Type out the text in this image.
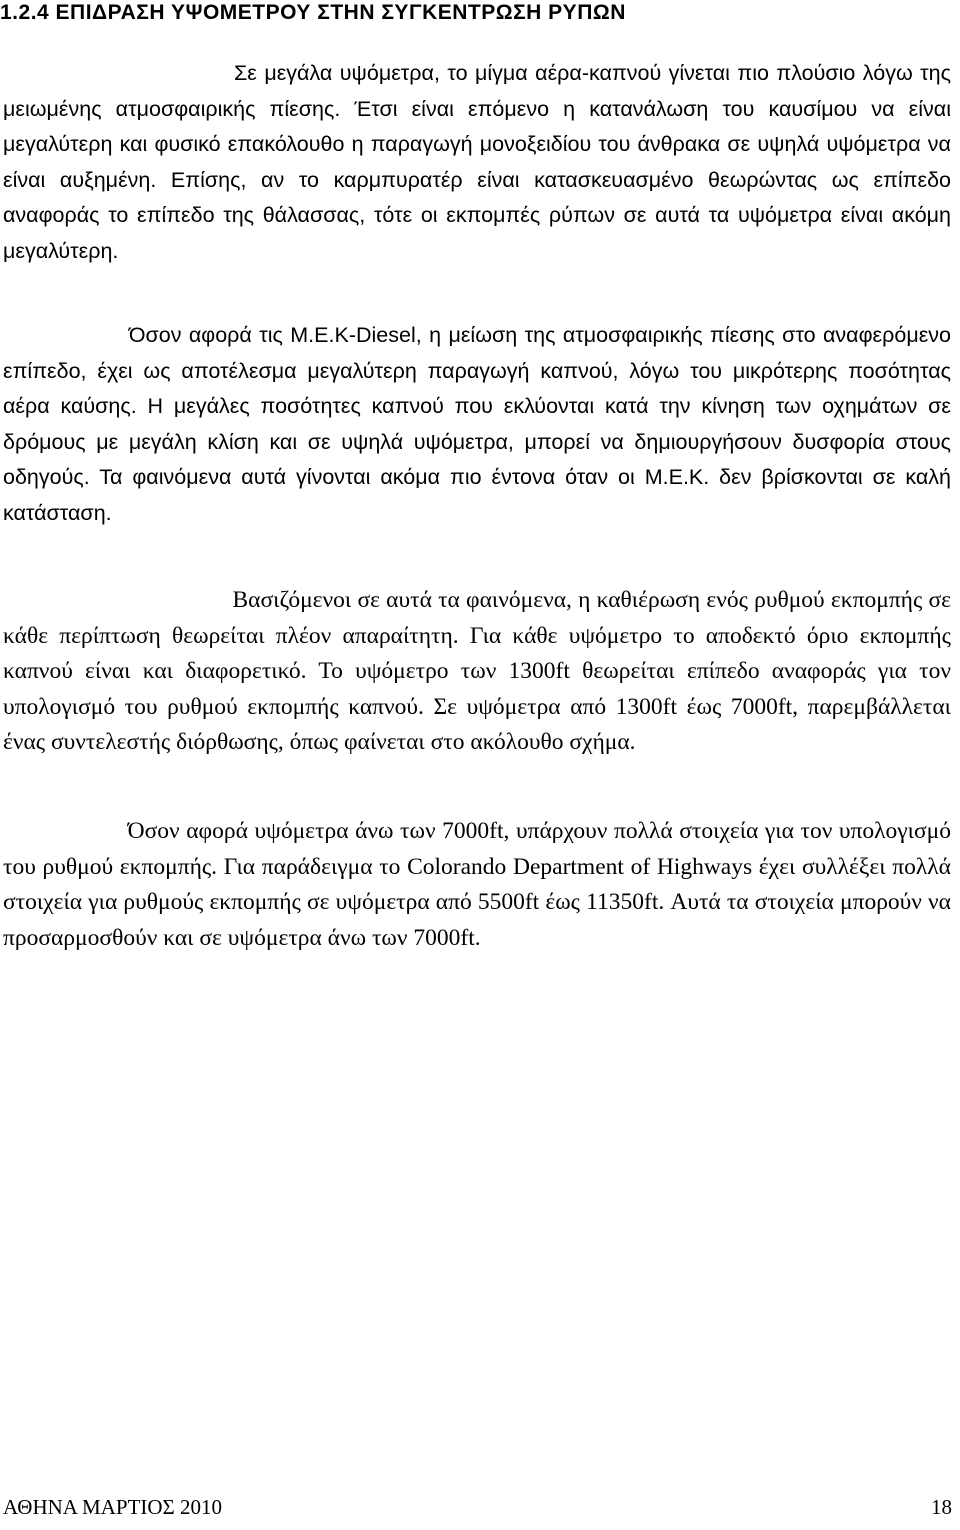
1.2.4 ΕΠΙΔΡΑΣΗ ΥΨΟΜΕΤΡΟΥ ΣΤΗΝ ΣΥΓΚΕΝΤΡΩΣΗ ΡΥΠΩΝ

Σε μεγάλα υψόμετρα, το μίγμα αέρα-καπνού γίνεται πιο πλούσιο λόγω της μειωμένης ατμοσφαιρικής πίεσης. Έτσι είναι επόμενο η κατανάλωση του καυσίμου να είναι μεγαλύτερη και φυσικό επακόλουθο η παραγωγή μονοξειδίου του άνθρακα σε υψηλά υψόμετρα να είναι αυξημένη. Επίσης, αν το καρμπυρατέρ είναι κατασκευασμένο θεωρώντας ως επίπεδο αναφοράς το επίπεδο της θάλασσας, τότε οι εκπομπές ρύπων σε αυτά τα υψόμετρα είναι ακόμη μεγαλύτερη.

Όσον αφορά τις Μ.Ε.Κ-Diesel, η μείωση της ατμοσφαιρικής πίεσης στο αναφερόμενο επίπεδο, έχει ως αποτέλεσμα μεγαλύτερη παραγωγή καπνού, λόγω του μικρότερης ποσότητας αέρα καύσης. Η μεγάλες ποσότητες καπνού που εκλύονται κατά την κίνηση των οχημάτων σε δρόμους με μεγάλη κλίση και σε υψηλά υψόμετρα, μπορεί να δημιουργήσουν δυσφορία στους οδηγούς. Τα φαινόμενα αυτά γίνονται ακόμα πιο έντονα όταν οι Μ.Ε.Κ. δεν βρίσκονται σε καλή κατάσταση.

Βασιζόμενοι σε αυτά τα φαινόμενα, η καθιέρωση ενός ρυθμού εκπομπής σε κάθε περίπτωση θεωρείται πλέον απαραίτητη. Για κάθε υψόμετρο το αποδεκτό όριο εκπομπής καπνού είναι και διαφορετικό. Το υψόμετρο των 1300ft θεωρείται επίπεδο αναφοράς για τον υπολογισμό του ρυθμού εκπομπής καπνού. Σε υψόμετρα από 1300ft έως 7000ft, παρεμβάλλεται ένας συντελεστής διόρθωσης, όπως φαίνεται στο ακόλουθο σχήμα.

Όσον αφορά υψόμετρα άνω των 7000ft, υπάρχουν πολλά στοιχεία για τον υπολογισμό του ρυθμού εκπομπής. Για παράδειγμα το Colorando Department of Highways έχει συλλέξει πολλά στοιχεία για ρυθμούς εκπομπής σε υψόμετρα από 5500ft έως 11350ft. Αυτά τα στοιχεία μπορούν να προσαρμοσθούν και σε υψόμετρα άνω των 7000ft.

ΑΘΗΝΑ ΜΑΡΤΙΟΣ 2010	18
